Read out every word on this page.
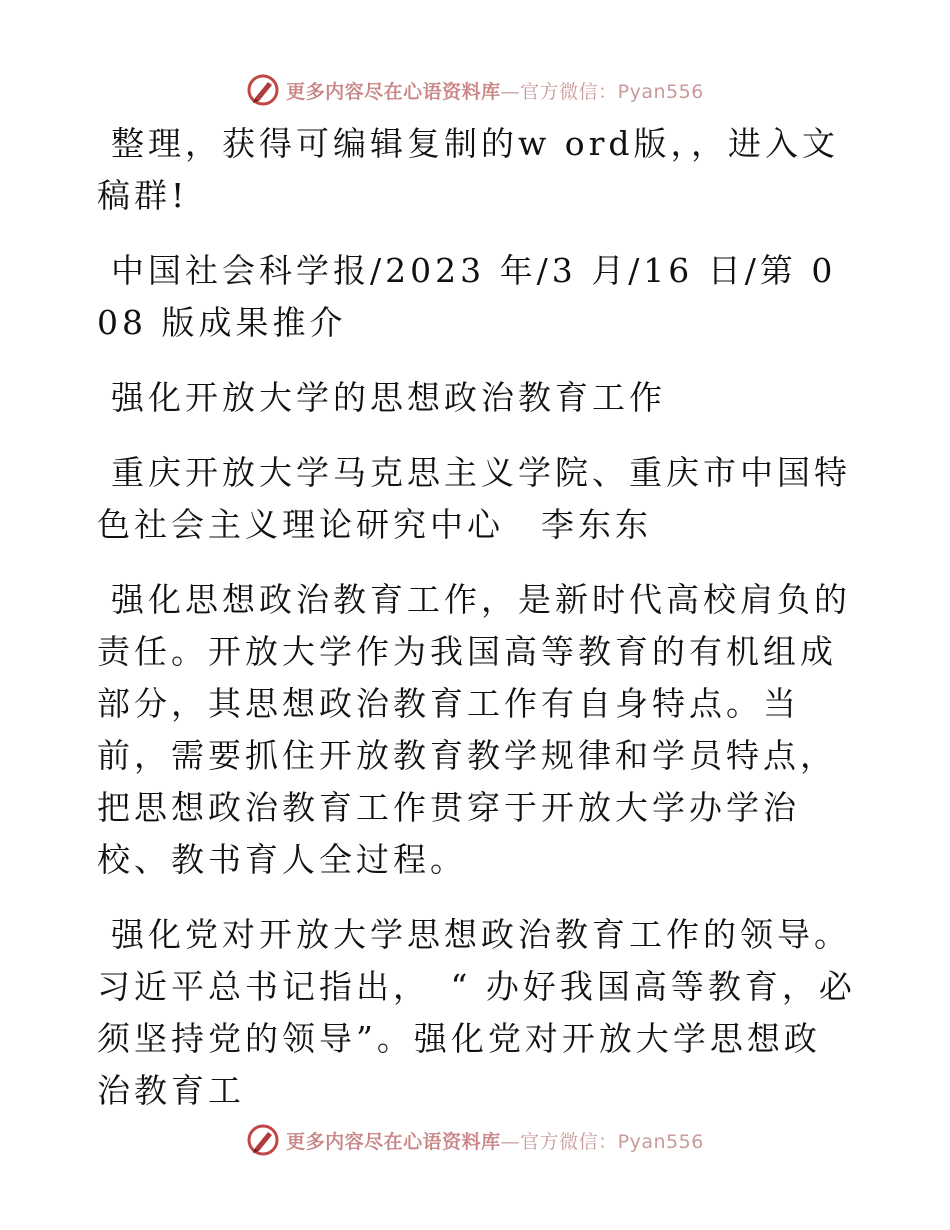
更多内容尽在心语资料库—官方微信：Pyan556

整理，获得可编辑复制的w ord版，，进入文稿群!

中国社会科学报/2023 年/3 月/16 日/第 008 版成果推介

强化开放大学的思想政治教育工作

重庆开放大学马克思主义学院、重庆市中国特色社会主义理论研究中心　李东东

强化思想政治教育工作，是新时代高校肩负的责任。开放大学作为我国高等教育的有机组成部分，其思想政治教育工作有自身特点。当前，需要抓住开放教育教学规律和学员特点，把思想政治教育工作贯穿于开放大学办学治校、教书育人全过程。

强化党对开放大学思想政治教育工作的领导。习近平总书记指出，　“ 办好我国高等教育，必须坚持党的领导”。强化党对开放大学思想政治教育工

更多内容尽在心语资料库—官方微信：Pyan556
